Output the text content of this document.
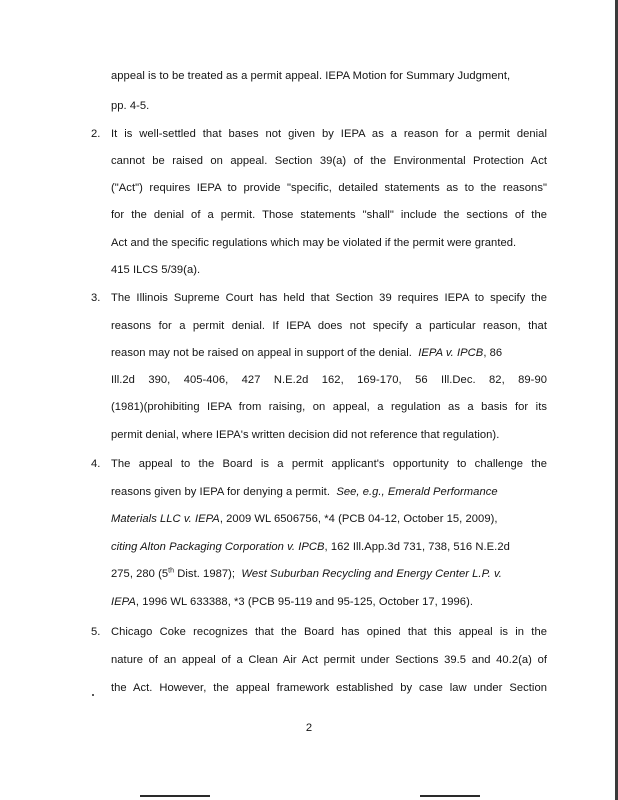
appeal is to be treated as a permit appeal. IEPA Motion for Summary Judgment,
pp. 4-5.
2. It is well-settled that bases not given by IEPA as a reason for a permit denial
cannot be raised on appeal. Section 39(a) of the Environmental Protection Act
("Act") requires IEPA to provide "specific, detailed statements as to the reasons"
for the denial of a permit. Those statements "shall" include the sections of the
Act and the specific regulations which may be violated if the permit were granted.
415 ILCS 5/39(a).
3. The Illinois Supreme Court has held that Section 39 requires IEPA to specify the
reasons for a permit denial. If IEPA does not specify a particular reason, that
reason may not be raised on appeal in support of the denial. IEPA v. IPCB, 86
Ill.2d 390, 405-406, 427 N.E.2d 162, 169-170, 56 Ill.Dec. 82, 89-90
(1981)(prohibiting IEPA from raising, on appeal, a regulation as a basis for its
permit denial, where IEPA's written decision did not reference that regulation).
4. The appeal to the Board is a permit applicant's opportunity to challenge the
reasons given by IEPA for denying a permit. See, e.g., Emerald Performance
Materials LLC v. IEPA, 2009 WL 6506756, *4 (PCB 04-12, October 15, 2009),
citing Alton Packaging Corporation v. IPCB, 162 Ill.App.3d 731, 738, 516 N.E.2d
275, 280 (5th Dist. 1987); West Suburban Recycling and Energy Center L.P. v.
IEPA, 1996 WL 633388, *3 (PCB 95-119 and 95-125, October 17, 1996).
5. Chicago Coke recognizes that the Board has opined that this appeal is in the
nature of an appeal of a Clean Air Act permit under Sections 39.5 and 40.2(a) of
the Act. However, the appeal framework established by case law under Section
2
